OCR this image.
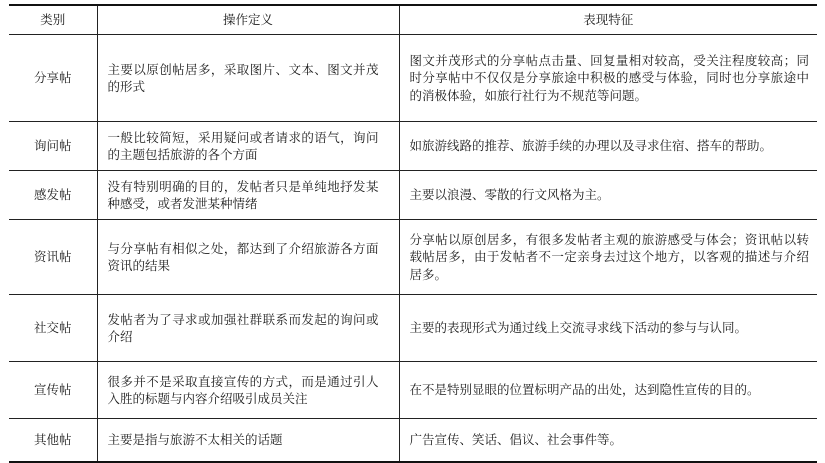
类别	操作定义	表现特征
分享帖	主要以原创帖居多，采取图片、文本、图文并茂的形式	图文并茂形式的分享帖点击量、回复量相对较高，受关注程度较高；同时分享帖中不仅仅是分享旅途中积极的感受与体验，同时也分享旅途中的消极体验，如旅行社行为不规范等问题。
询问帖	一般比较简短，采用疑问或者请求的语气，询问的主题包括旅游的各个方面	如旅游线路的推荐、旅游手续的办理以及寻求住宿、搭车的帮助。
感发帖	没有特别明确的目的，发帖者只是单纯地抒发某种感受，或者发泄某种情绪	主要以浪漫、零散的行文风格为主。
资讯帖	与分享帖有相似之处，都达到了介绍旅游各方面资讯的结果	分享帖以原创居多，有很多发帖者主观的旅游感受与体会；资讯帖以转载帖居多，由于发帖者不一定亲身去过这个地方，以客观的描述与介绍居多。
社交帖	发帖者为了寻求或加强社群联系而发起的询问或介绍	主要的表现形式为通过线上交流寻求线下活动的参与与认同。
宣传帖	很多并不是采取直接宣传的方式，而是通过引人入胜的标题与内容介绍吸引成员关注	在不是特别显眼的位置标明产品的出处，达到隐性宣传的目的。
其他帖	主要是指与旅游不太相关的话题	广告宣传、笑话、倡议、社会事件等。
